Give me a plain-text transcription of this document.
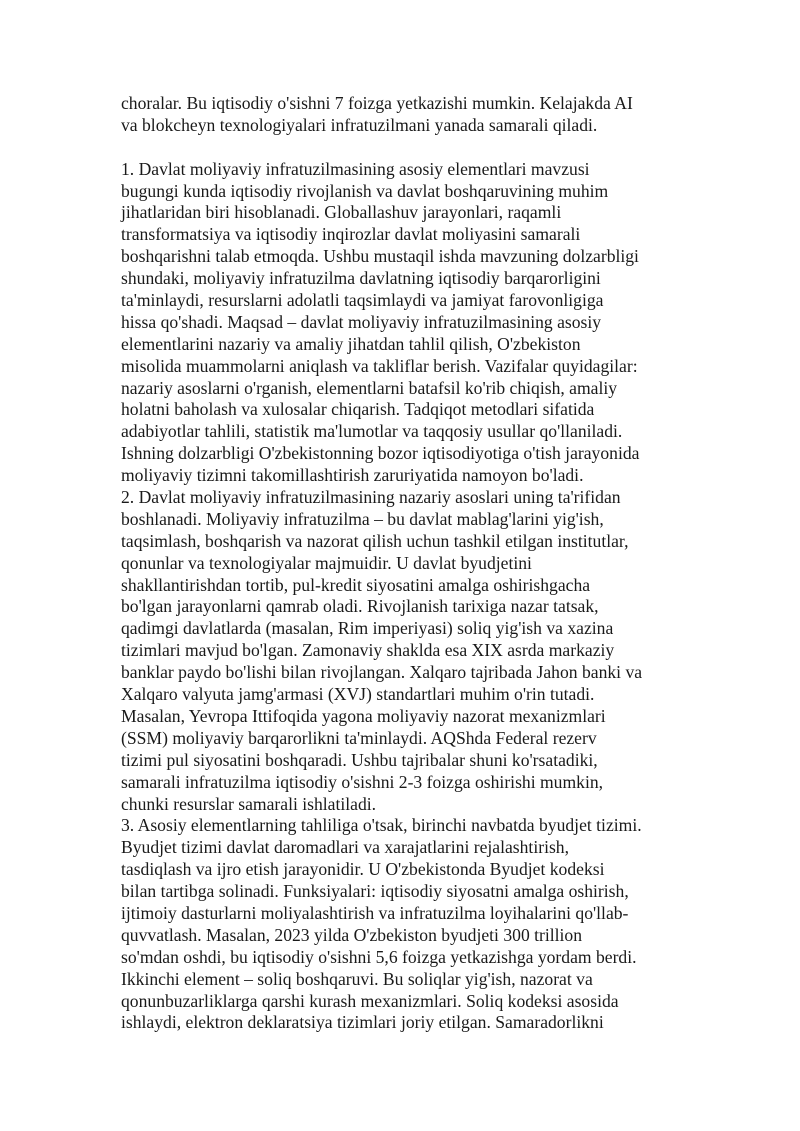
choralar. Bu iqtisodiy o'sishni 7 foizga yetkazishi mumkin. Kelajakda AI
va blokcheyn texnologiyalari infratuzilmani yanada samarali qiladi.
1. Davlat moliyaviy infratuzilmasining asosiy elementlari mavzusi
bugungi kunda iqtisodiy rivojlanish va davlat boshqaruvining muhim
jihatlaridan biri hisoblanadi. Globallashuv jarayonlari, raqamli
transformatsiya va iqtisodiy inqirozlar davlat moliyasini samarali
boshqarishni talab etmoqda. Ushbu mustaqil ishda mavzuning dolzarbligi
shundaki, moliyaviy infratuzilma davlatning iqtisodiy barqarorligini
ta'minlaydi, resurslarni adolatli taqsimlaydi va jamiyat farovonligiga
hissa qo'shadi. Maqsad – davlat moliyaviy infratuzilmasining asosiy
elementlarini nazariy va amaliy jihatdan tahlil qilish, O'zbekiston
misolida muammolarni aniqlash va takliflar berish. Vazifalar quyidagilar:
nazariy asoslarni o'rganish, elementlarni batafsil ko'rib chiqish, amaliy
holatni baholash va xulosalar chiqarish. Tadqiqot metodlari sifatida
adabiyotlar tahlili, statistik ma'lumotlar va taqqosiy usullar qo'llaniladi.
Ishning dolzarbligi O'zbekistonning bozor iqtisodiyotiga o'tish jarayonida
moliyaviy tizimni takomillashtirish zaruriyatida namoyon bo'ladi.
2. Davlat moliyaviy infratuzilmasining nazariy asoslari uning ta'rifidan
boshlanadi. Moliyaviy infratuzilma – bu davlat mablag'larini yig'ish,
taqsimlash, boshqarish va nazorat qilish uchun tashkil etilgan institutlar,
qonunlar va texnologiyalar majmuidir. U davlat byudjetini
shakllantirishdan tortib, pul-kredit siyosatini amalga oshirishgacha
bo'lgan jarayonlarni qamrab oladi. Rivojlanish tarixiga nazar tatsak,
qadimgi davlatlarda (masalan, Rim imperiyasi) soliq yig'ish va xazina
tizimlari mavjud bo'lgan. Zamonaviy shaklda esa XIX asrda markaziy
banklar paydo bo'lishi bilan rivojlangan. Xalqaro tajribada Jahon banki va
Xalqaro valyuta jamg'armasi (XVJ) standartlari muhim o'rin tutadi.
Masalan, Yevropa Ittifoqida yagona moliyaviy nazorat mexanizmlari
(SSM) moliyaviy barqarorlikni ta'minlaydi. AQShda Federal rezerv
tizimi pul siyosatini boshqaradi. Ushbu tajribalar shuni ko'rsatadiki,
samarali infratuzilma iqtisodiy o'sishni 2-3 foizga oshirishi mumkin,
chunki resurslar samarali ishlatiladi.
3. Asosiy elementlarning tahliliga o'tsak, birinchi navbatda byudjet tizimi.
Byudjet tizimi davlat daromadlari va xarajatlarini rejalashtirish,
tasdiqlash va ijro etish jarayonidir. U O'zbekistonda Byudjet kodeksi
bilan tartibga solinadi. Funksiyalari: iqtisodiy siyosatni amalga oshirish,
ijtimoiy dasturlarni moliyalashtirish va infratuzilma loyihalarini qo'llab-
quvvatlash. Masalan, 2023 yilda O'zbekiston byudjeti 300 trillion
so'mdan oshdi, bu iqtisodiy o'sishni 5,6 foizga yetkazishga yordam berdi.
Ikkinchi element – soliq boshqaruvi. Bu soliqlar yig'ish, nazorat va
qonunbuzarliklarga qarshi kurash mexanizmlari. Soliq kodeksi asosida
ishlaydi, elektron deklaratsiya tizimlari joriy etilgan. Samaradorlikni
